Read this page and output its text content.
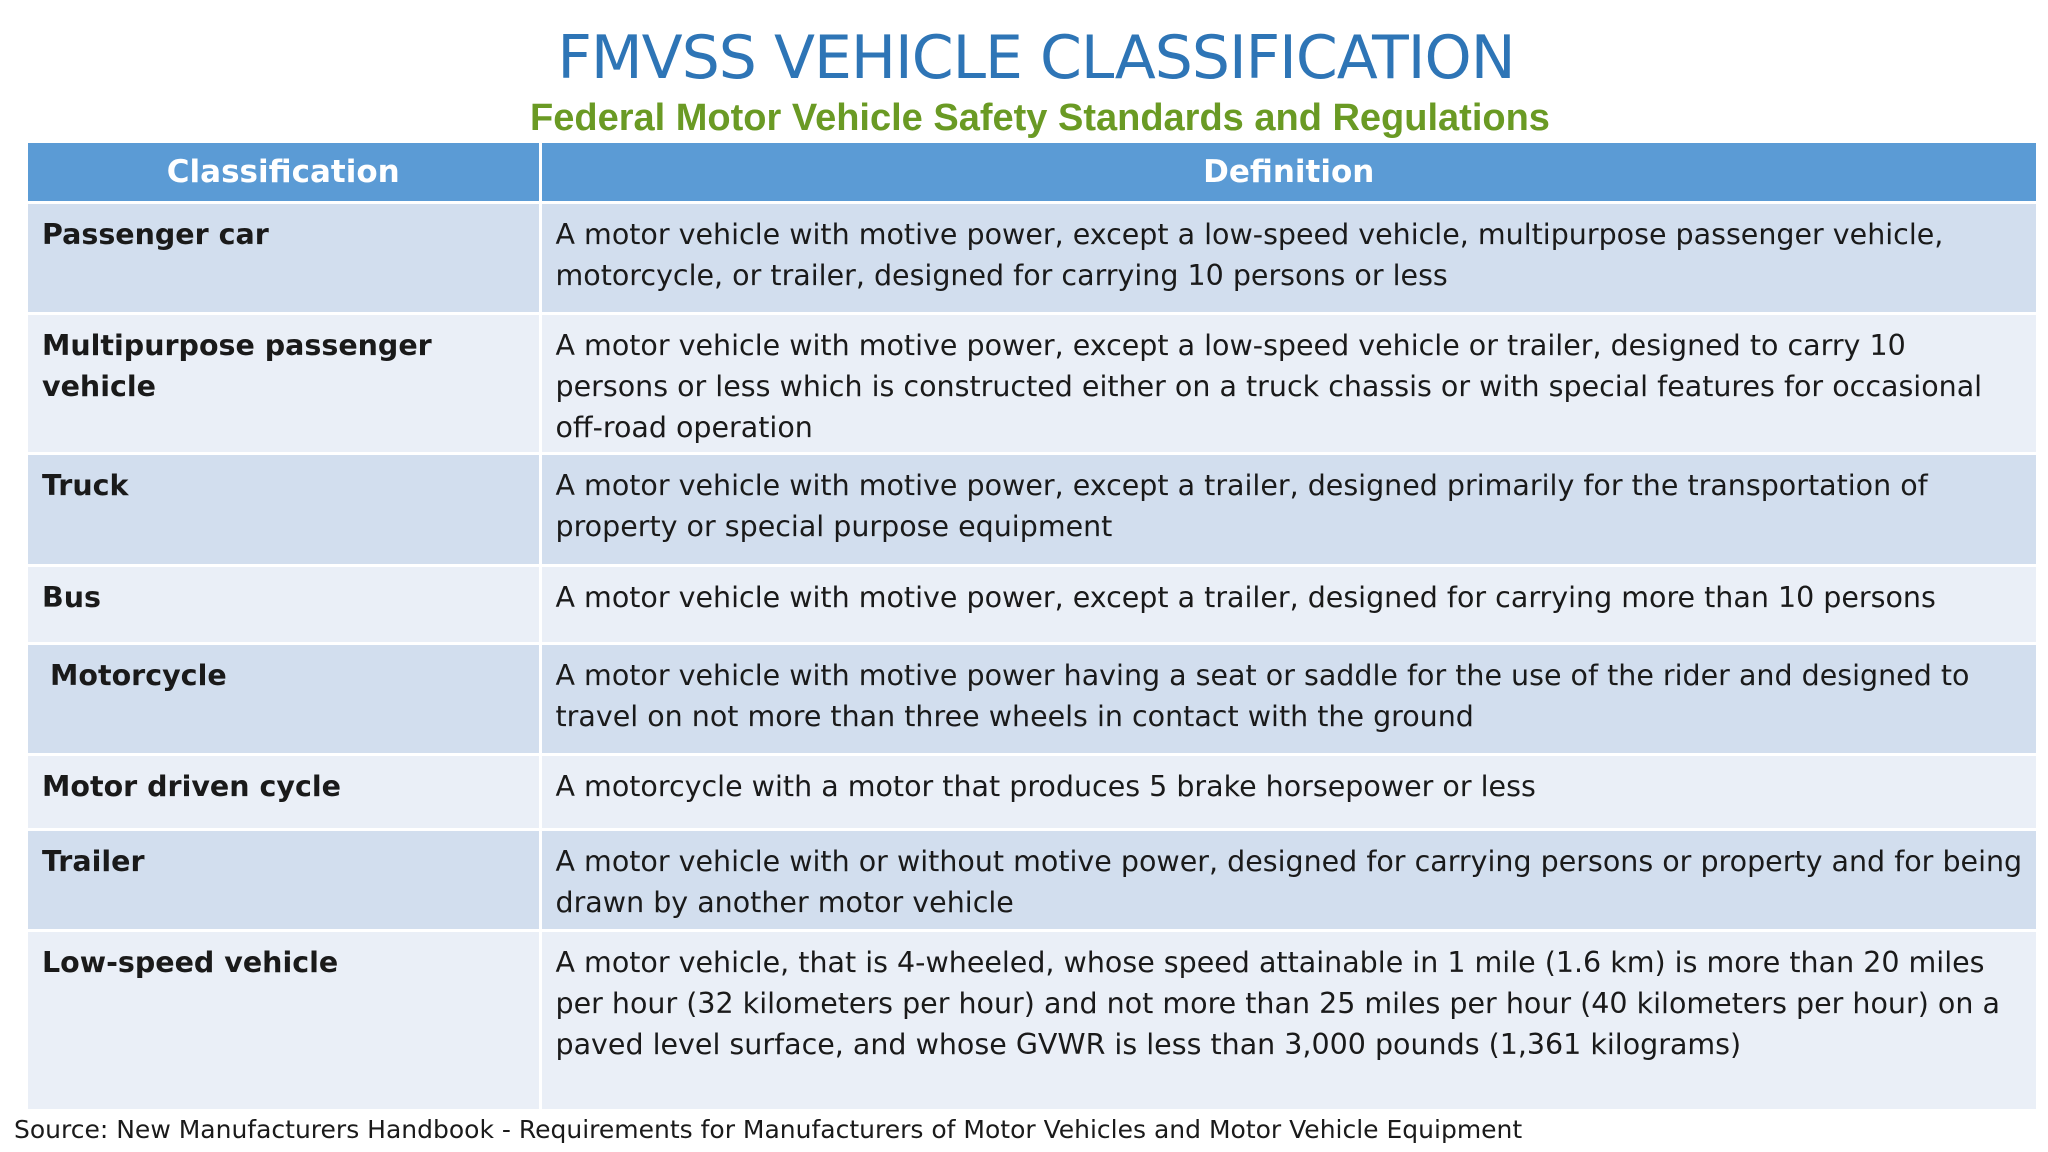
FMVSS VEHICLE CLASSIFICATION
Federal Motor Vehicle Safety Standards and Regulations
Classification	Definition
Passenger car	A motor vehicle with motive power, except a low-speed vehicle, multipurpose passenger vehicle, motorcycle, or trailer, designed for carrying 10 persons or less
Multipurpose passenger vehicle	A motor vehicle with motive power, except a low-speed vehicle or trailer, designed to carry 10 persons or less which is constructed either on a truck chassis or with special features for occasional off-road operation
Truck	A motor vehicle with motive power, except a trailer, designed primarily for the transportation of property or special purpose equipment
Bus	A motor vehicle with motive power, except a trailer, designed for carrying more than 10 persons
Motorcycle	A motor vehicle with motive power having a seat or saddle for the use of the rider and designed to travel on not more than three wheels in contact with the ground
Motor driven cycle	A motorcycle with a motor that produces 5 brake horsepower or less
Trailer	A motor vehicle with or without motive power, designed for carrying persons or property and for being drawn by another motor vehicle
Low-speed vehicle	A motor vehicle, that is 4-wheeled, whose speed attainable in 1 mile (1.6 km) is more than 20 miles per hour (32 kilometers per hour) and not more than 25 miles per hour (40 kilometers per hour) on a paved level surface, and whose GVWR is less than 3,000 pounds (1,361 kilograms)
Source: New Manufacturers Handbook - Requirements for Manufacturers of Motor Vehicles and Motor Vehicle Equipment
